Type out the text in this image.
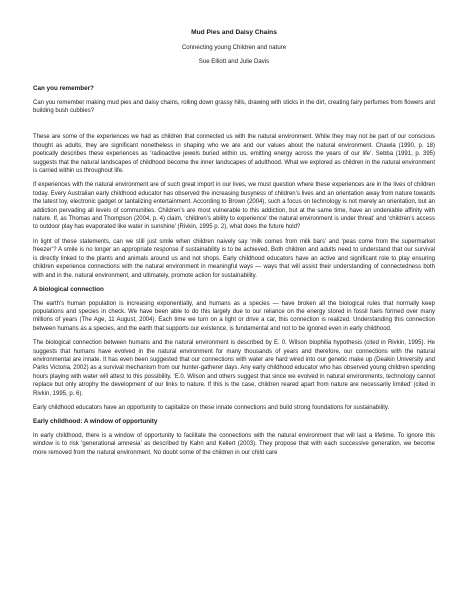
Mud Pies and Daisy Chains

Connecting young Children and nature

Sue Elliott and Julie Davis

Can you remember?

Can you remember making mud pies and daisy chains, rolling down grassy hills, drawing with sticks in the dirt, creating fairy perfumes from flowers and building bush cubbies?

These are some of the experiences we had as children that connected us with the natural environment. While they may not be part of our conscious thought as adults, they are significant nonetheless in shaping who we are and our values about the natural environment. Chawla (1990, p. 18) poetically describes these experiences as ‘radioactive jewels buried within us, emitting energy across the years of our life’. Sebba (1991, p. 395) suggests that the natural landscapes of childhood become the inner landscapes of adulthood. What we explored as children in the natural environment is carried within us throughout life.

If experiences with the natural environment are of such great import in our lives, we must question where these experiences are in the lives of children today. Every Australian early childhood educator has observed the increasing busyness of children’s lives and an orientation away from nature towards the latest toy, electronic gadget or tantalizing entertainment. According to Brown (2004), such a focus on technology is not merely an orientation, but an addiction pervading all levels of communities. Children’s are most vulnerable to this addiction, but at the same time, have an undeniable affinity with nature. If, as Thomas and Thompson (2004, p. 4) claim, ‘children’s ability to experience’ the natural environment is under threat’ and ‘children’s access to outdoor play has evaporated like water in sunshine’ (Rivkin, 1995 p. 2), what does the future hold?

In light of these statements, can we still just smile when children naively say ‘milk comes from milk bars’ and ‘peas come from the supermarket freezer’? A smile is no longer an appropriate response if sustainability is to be achieved. Both children and adults need to understand that our survival is directly linked to the plants and animals around us and not shops. Early childhood educators have an active and significant role to play ensuring children experience connections with the natural environment in meaningful ways — ways that will assist their understanding of connectedness both with and in the. natural environment, and ultimately, promote action for sustainability.

A biological connection

The earth’s human population is increasing exponentially, and humans as a species — have broken all the biological rules that normally keep populations and species in check. We have been able to do this largely due to our reliance on the energy stored in fossil fuels formed over many millions of years (The Age, 11 August, 2004). Each time we turn on a light or drive a car, this connection is realized. Understanding this connection between humans as a species, and the earth that supports our existence, is fundamental and not to be ignored even in early childhood.

The biological connection between humans and the natural environment is described by E. 0. Wilson biophilia hypothesis (cited in Rivkin, 1995). He suggests that humans have evolved in the natural environment for many thousands of years and therefore, our connections with the natural environmental are innate. It has even been suggested that our connections with water are hard wired into our genetic make up (Deakin University and Parks Victoria, 2002) as a survival mechanism from our hunter-gatherer days. Any early childhood educator who has observed young children spending hours playing with water will attest to this possibility. ‘E.0. Wilson and others suggest that since we evolved in natural environments, technology cannot replace but only atrophy the development of our links to nature. If this is the case, children reared apart from nature are necessarily limited’ (cited in Rivkin, 1995, p. 6).

Early childhood educators have an opportunity to capitalize on these innate connections and build strong foundations for sustainability.

Early childhood: A window of opportunity

In early childhood, there is a window of opportunity to facilitate the connections with the natural environment that will last a lifetime. To ignore this window is to risk ‘generational amnesia’ as described by Kahn and Kellert (2003). They propose that with each successive generation, we become more removed from the natural environment. No doubt some of the children in our child care
